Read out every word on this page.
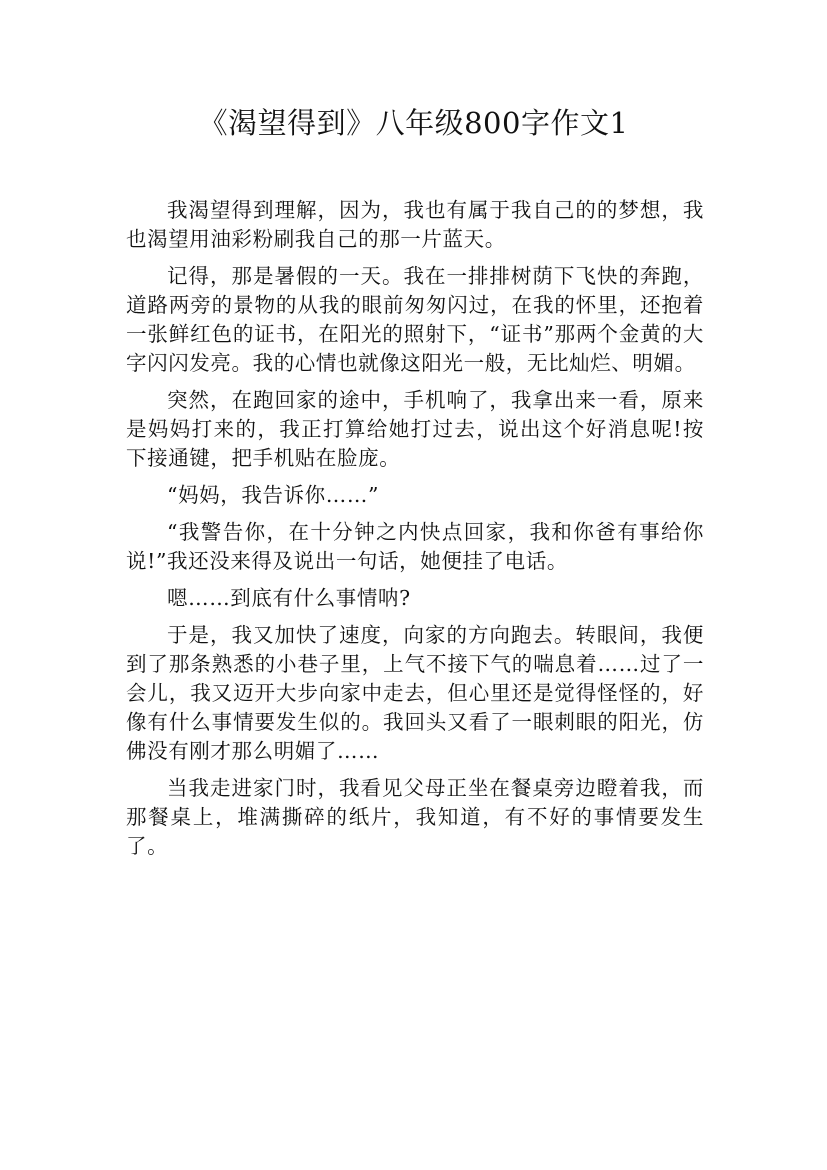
《渴望得到》八年级800字作文1

我渴望得到理解，因为，我也有属于我自己的的梦想，我也渴望用油彩粉刷我自己的那一片蓝天。

记得，那是暑假的一天。我在一排排树荫下飞快的奔跑，道路两旁的景物的从我的眼前匆匆闪过，在我的怀里，还抱着一张鲜红色的证书，在阳光的照射下，“证书”那两个金黄的大字闪闪发亮。我的心情也就像这阳光一般，无比灿烂、明媚。

突然，在跑回家的途中，手机响了，我拿出来一看，原来是妈妈打来的，我正打算给她打过去，说出这个好消息呢!按下接通键，把手机贴在脸庞。

“妈妈，我告诉你……”

“我警告你，在十分钟之内快点回家，我和你爸有事给你说!”我还没来得及说出一句话，她便挂了电话。

嗯……到底有什么事情呐?

于是，我又加快了速度，向家的方向跑去。转眼间，我便到了那条熟悉的小巷子里，上气不接下气的喘息着……过了一会儿，我又迈开大步向家中走去，但心里还是觉得怪怪的，好像有什么事情要发生似的。我回头又看了一眼刺眼的阳光，仿佛没有刚才那么明媚了……

当我走进家门时，我看见父母正坐在餐桌旁边瞪着我，而那餐桌上，堆满撕碎的纸片，我知道，有不好的事情要发生了。
